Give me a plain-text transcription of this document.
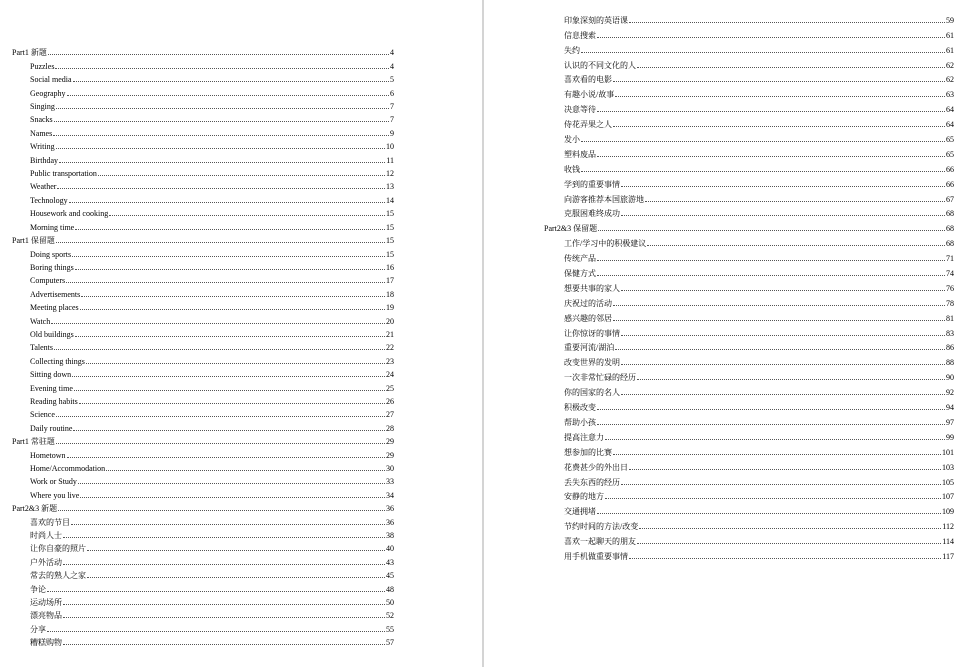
Part1 新题	4
Puzzles	4
Social media	5
Geography	6
Singing	7
Snacks	7
Names	9
Writing	10
Birthday	11
Public transportation	12
Weather	13
Technology	14
Housework and cooking	15
Morning time	15
Part1 保留题	15
Doing sports	15
Boring things	16
Computers	17
Advertisements	18
Meeting places	19
Watch	20
Old buildings	21
Talents	22
Collecting things	23
Sitting down	24
Evening time	25
Reading habits	26
Science	27
Daily routine	28
Part1 常驻题	29
Hometown	29
Home/Accommodation	30
Work or Study	33
Where you live	34
Part2&3 新题	36
喜欢的节目	36
时尚人士	38
让你自豪的照片	40
户外活动	43
常去的熟人之家	45
争论	48
运动场所	50
漂亮物品	52
分享	55
糟糕购物	57
印象深刻的英语课	59
信息搜索	61
失约	61
认识的不同文化的人	62
喜欢看的电影	62
有趣小说/故事	63
决意等待	64
侍花弄果之人	64
发小	65
塑料废品	65
收钱	66
学到的重要事情	66
向游客推荐本国旅游地	67
克服困难终成功	68
Part2&3 保留题	68
工作/学习中的积极建议	68
传统产品	71
保健方式	74
想要共事的家人	76
庆祝过的活动	78
感兴趣的邻居	81
让你惊讶的事情	83
重要河流/湖泊	86
改变世界的发明	88
一次非常忙碌的经历	90
你的国家的名人	92
积极改变	94
帮助小孩	97
提高注意力	99
想参加的比赛	101
花费甚少的外出日	103
丢失东西的经历	105
安静的地方	107
交通拥堵	109
节约时间的方法/改变	112
喜欢一起聊天的朋友	114
用手机做重要事情	117
